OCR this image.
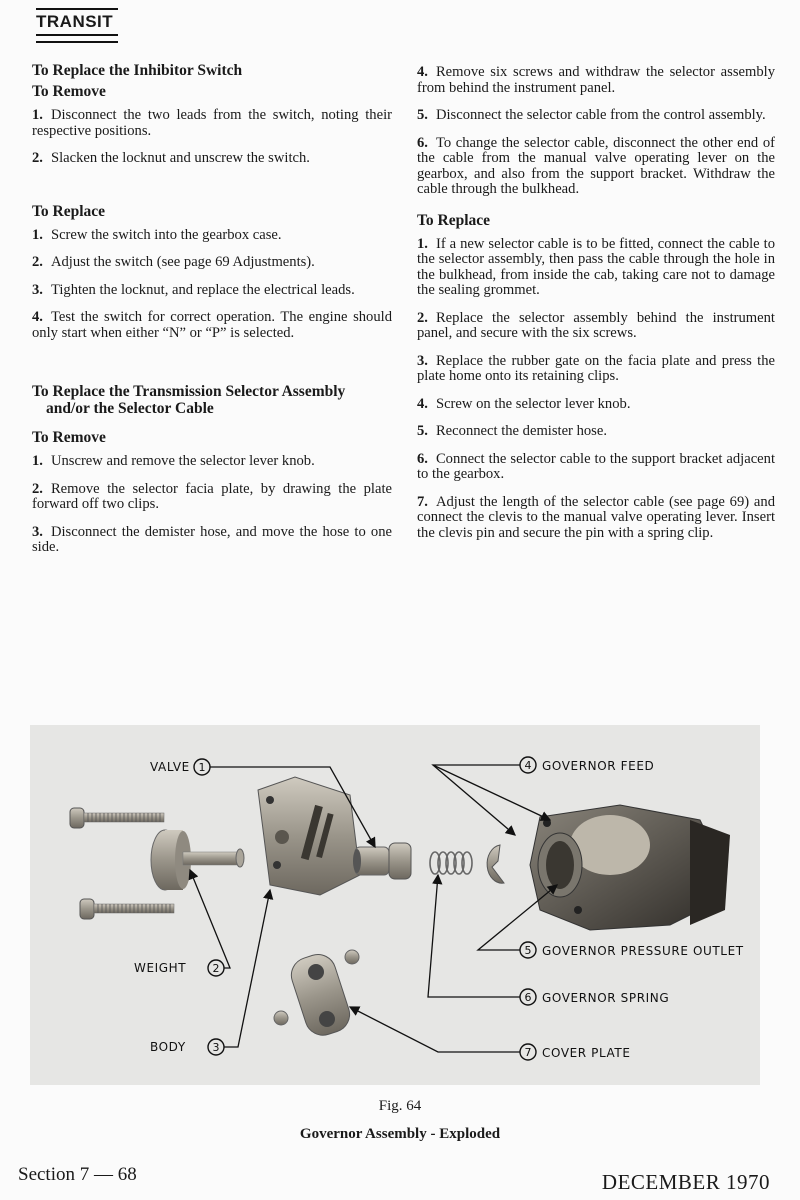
TRANSIT
To Replace the Inhibitor Switch
To Remove

1. Disconnect the two leads from the switch, noting their respective positions.

2. Slacken the locknut and unscrew the switch.

To Replace

1. Screw the switch into the gearbox case.

2. Adjust the switch (see page 69 Adjustments).

3. Tighten the locknut, and replace the electrical leads.

4. Test the switch for correct operation. The engine should only start when either “N” or “P” is selected.

To Replace the Transmission Selector Assembly and/or the Selector Cable
To Remove

1. Unscrew and remove the selector lever knob.

2. Remove the selector facia plate, by drawing the plate forward off two clips.

3. Disconnect the demister hose, and move the hose to one side.

4. Remove six screws and withdraw the selector assembly from behind the instrument panel.

5. Disconnect the selector cable from the control assembly.

6. To change the selector cable, disconnect the other end of the cable from the manual valve operating lever on the gearbox, and also from the support bracket. Withdraw the cable through the bulkhead.

To Replace

1. If a new selector cable is to be fitted, connect the cable to the selector assembly, then pass the cable through the hole in the bulkhead, from inside the cab, taking care not to damage the sealing grommet.

2. Replace the selector assembly behind the instrument panel, and secure with the six screws.

3. Replace the rubber gate on the facia plate and press the plate home onto its retaining clips.

4. Screw on the selector lever knob.

5. Reconnect the demister hose.

6. Connect the selector cable to the support bracket adjacent to the gearbox.

7. Adjust the length of the selector cable (see page 69) and connect the clevis to the manual valve operating lever. Insert the clevis pin and secure the pin with a spring clip.

VALVE 1
WEIGHT 2
BODY 3
4 GOVERNOR FEED
5 GOVERNOR PRESSURE OUTLET
6 GOVERNOR SPRING
7 COVER PLATE
Fig. 64
Governor Assembly - Exploded
Section 7 — 68	DECEMBER 1970
